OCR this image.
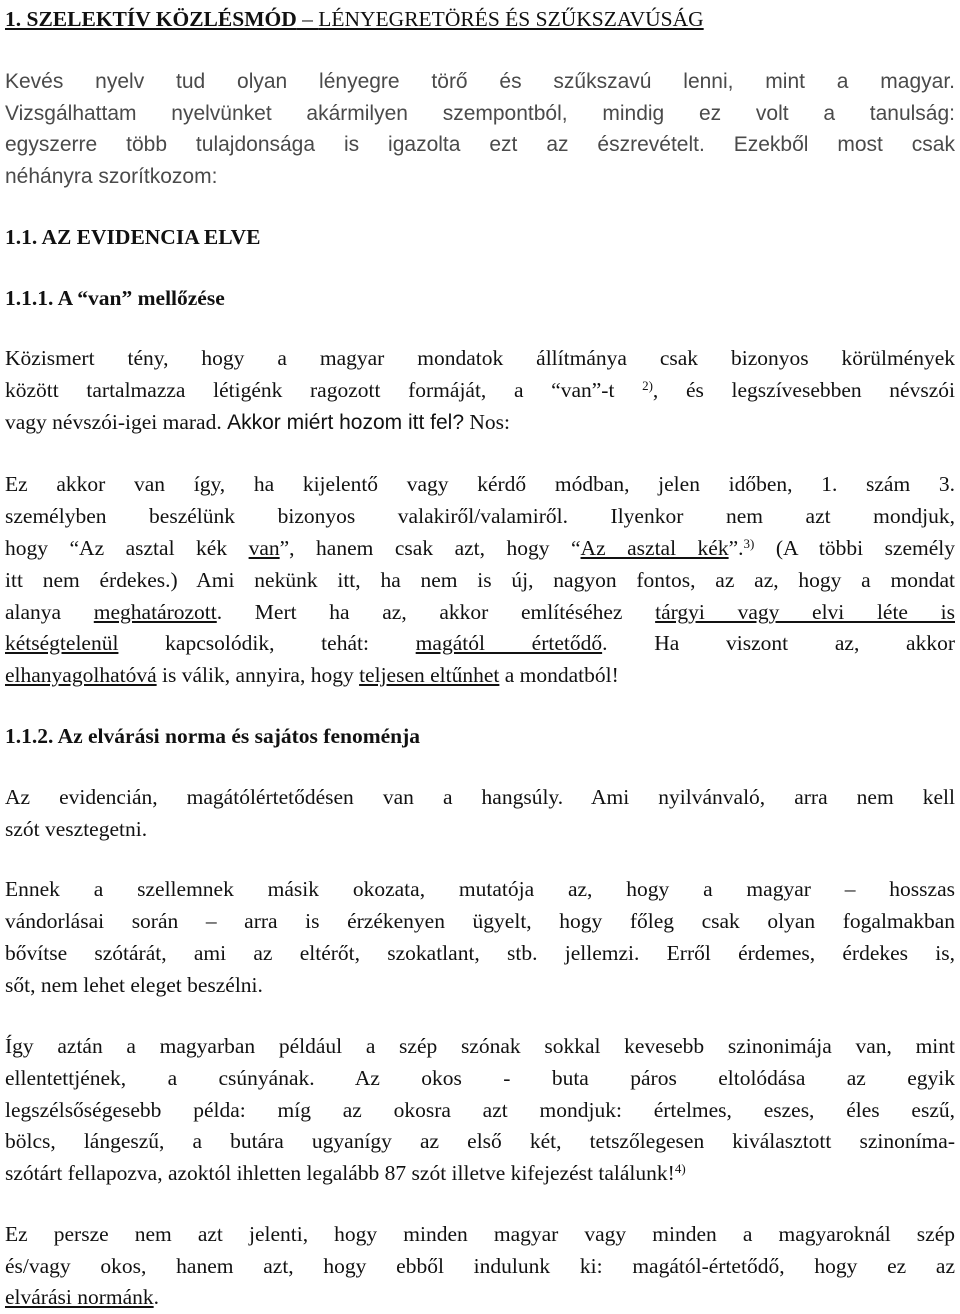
1. SZELEKTÍV KÖZLÉSMÓD – LÉNYEGRETÖRÉS ÉS SZŰKSZAVÚSÁG
Kevés nyelv tud olyan lényegre törő és szűkszavú lenni, mint a magyar.
Vizsgálhattam nyelvünket akármilyen szempontból, mindig ez volt a tanulság:
egyszerre több tulajdonsága is igazolta ezt az észrevételt. Ezekből most csak
néhányra szorítkozom:
1.1. AZ EVIDENCIA ELVE
1.1.1. A “van” mellőzése
Közismert tény, hogy a magyar mondatok állítmánya csak bizonyos körülmények
között tartalmazza létigénk ragozott formáját, a “van”-t $^{2)}$, és legszívesebben névszói
vagy névszói-igei marad. Akkor miért hozom itt fel? Nos:
Ez akkor van így, ha kijelentő vagy kérdő módban, jelen időben, 1. szám 3.
személyben beszélünk bizonyos valakiről/valamiről. Ilyenkor nem azt mondjuk,
hogy “Az asztal kék van”, hanem csak azt, hogy “Az asztal kék”.$^{3)}$ (A többi személy
itt nem érdekes.) Ami nekünk itt, ha nem is új, nagyon fontos, az az, hogy a mondat
alanya meghatározott. Mert ha az, akkor említéséhez tárgyi vagy elvi léte is
kétségtelenül kapcsolódik, tehát: magától értetődő. Ha viszont az, akkor
elhanyagolhatóvá is válik, annyira, hogy teljesen eltűnhet a mondatból!
1.1.2. Az elvárási norma és sajátos fenoménja
Az evidencián, magátólértetődésen van a hangsúly. Ami nyilvánvaló, arra nem kell
szót vesztegetni.
Ennek a szellemnek másik okozata, mutatója az, hogy a magyar – hosszas
vándorlásai során – arra is érzékenyen ügyelt, hogy főleg csak olyan fogalmakban
bővítse szótárát, ami az eltérőt, szokatlant, stb. jellemzi. Erről érdemes, érdekes is,
sőt, nem lehet eleget beszélni.
Így aztán a magyarban például a szép szónak sokkal kevesebb szinonimája van, mint
ellentettjének, a csúnyának. Az okos - buta páros eltolódása az egyik
legszélsőségesebb példa: míg az okosra azt mondjuk: értelmes, eszes, éles eszű,
bölcs, lángeszű, a butára ugyanígy az első két, tetszőlegesen kiválasztott szinoníma-
szótárt fellapozva, azoktól ihletten legalább 87 szót illetve kifejezést találunk!$^{4)}$
Ez persze nem azt jelenti, hogy minden magyar vagy minden a magyaroknál szép
és/vagy okos, hanem azt, hogy ebből indulunk ki: magától-értetődő, hogy ez az
elvárási normánk.
